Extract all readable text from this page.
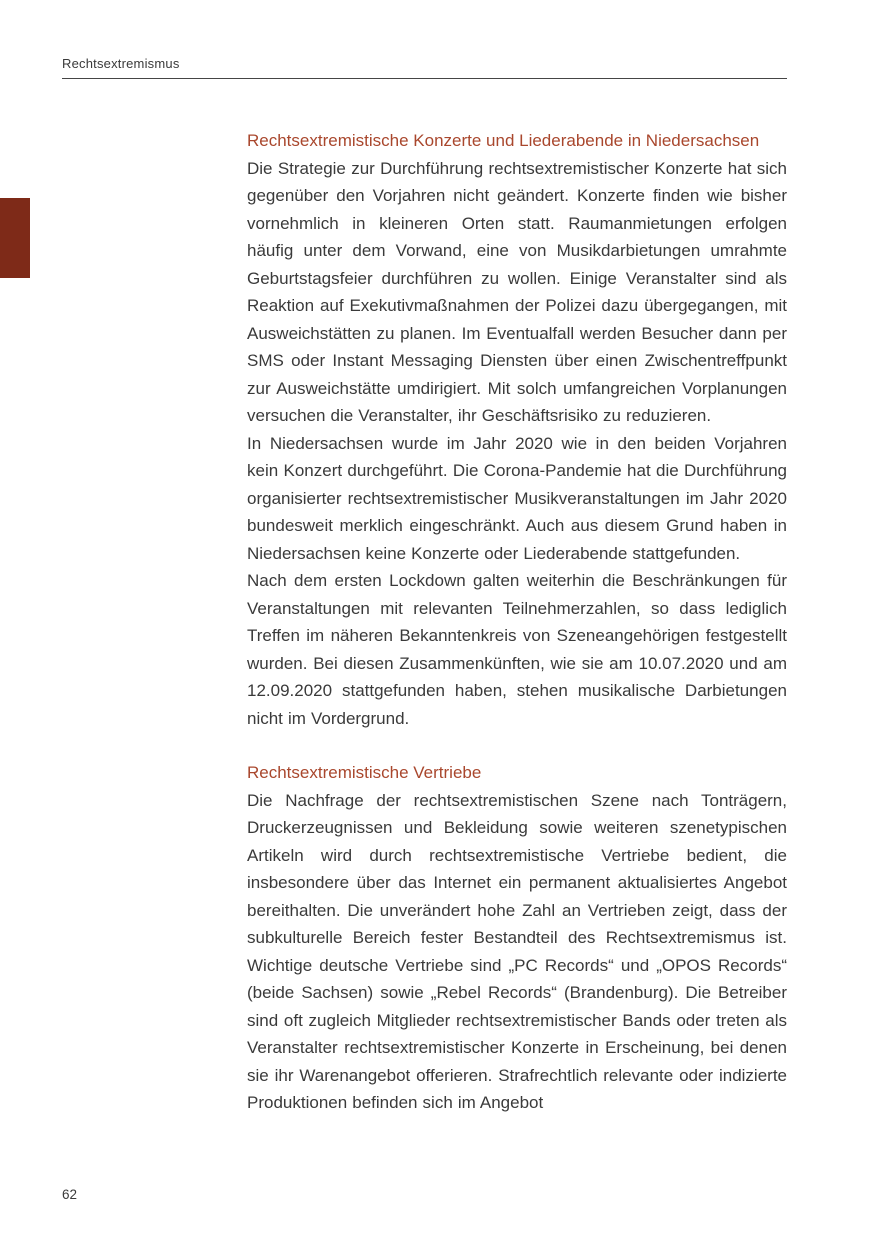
Rechtsextremismus
Rechtsextremistische Konzerte und Liederabende in Niedersachsen

Die Strategie zur Durchführung rechtsextremistischer Konzerte hat sich gegenüber den Vorjahren nicht geändert. Konzerte finden wie bisher vornehmlich in kleineren Orten statt. Raumanmietungen erfolgen häufig unter dem Vorwand, eine von Musikdarbietungen umrahmte Geburtstagsfeier durchführen zu wollen. Einige Veranstalter sind als Reaktion auf Exekutivmaßnahmen der Polizei dazu übergegangen, mit Ausweichstätten zu planen. Im Eventualfall werden Besucher dann per SMS oder Instant Messaging Diensten über einen Zwischentreffpunkt zur Ausweichstätte umdirigiert. Mit solch umfangreichen Vorplanungen versuchen die Veranstalter, ihr Geschäftsrisiko zu reduzieren.

In Niedersachsen wurde im Jahr 2020 wie in den beiden Vorjahren kein Konzert durchgeführt. Die Corona-Pandemie hat die Durchführung organisierter rechtsextremistischer Musikveranstaltungen im Jahr 2020 bundesweit merklich eingeschränkt. Auch aus diesem Grund haben in Niedersachsen keine Konzerte oder Liederabende stattgefunden.

Nach dem ersten Lockdown galten weiterhin die Beschränkungen für Veranstaltungen mit relevanten Teilnehmerzahlen, so dass lediglich Treffen im näheren Bekanntenkreis von Szeneangehörigen festgestellt wurden. Bei diesen Zusammenkünften, wie sie am 10.07.2020 und am 12.09.2020 stattgefunden haben, stehen musikalische Darbietungen nicht im Vordergrund.

Rechtsextremistische Vertriebe

Die Nachfrage der rechtsextremistischen Szene nach Tonträgern, Druckerzeugnissen und Bekleidung sowie weiteren szenetypischen Artikeln wird durch rechtsextremistische Vertriebe bedient, die insbesondere über das Internet ein permanent aktualisiertes Angebot bereithalten. Die unverändert hohe Zahl an Vertrieben zeigt, dass der subkulturelle Bereich fester Bestandteil des Rechtsextremismus ist. Wichtige deutsche Vertriebe sind „PC Records“ und „OPOS Records“ (beide Sachsen) sowie „Rebel Records“ (Brandenburg). Die Betreiber sind oft zugleich Mitglieder rechtsextremistischer Bands oder treten als Veranstalter rechtsextremistischer Konzerte in Erscheinung, bei denen sie ihr Warenangebot offerieren. Strafrechtlich relevante oder indizierte Produktionen befinden sich im Angebot

62
